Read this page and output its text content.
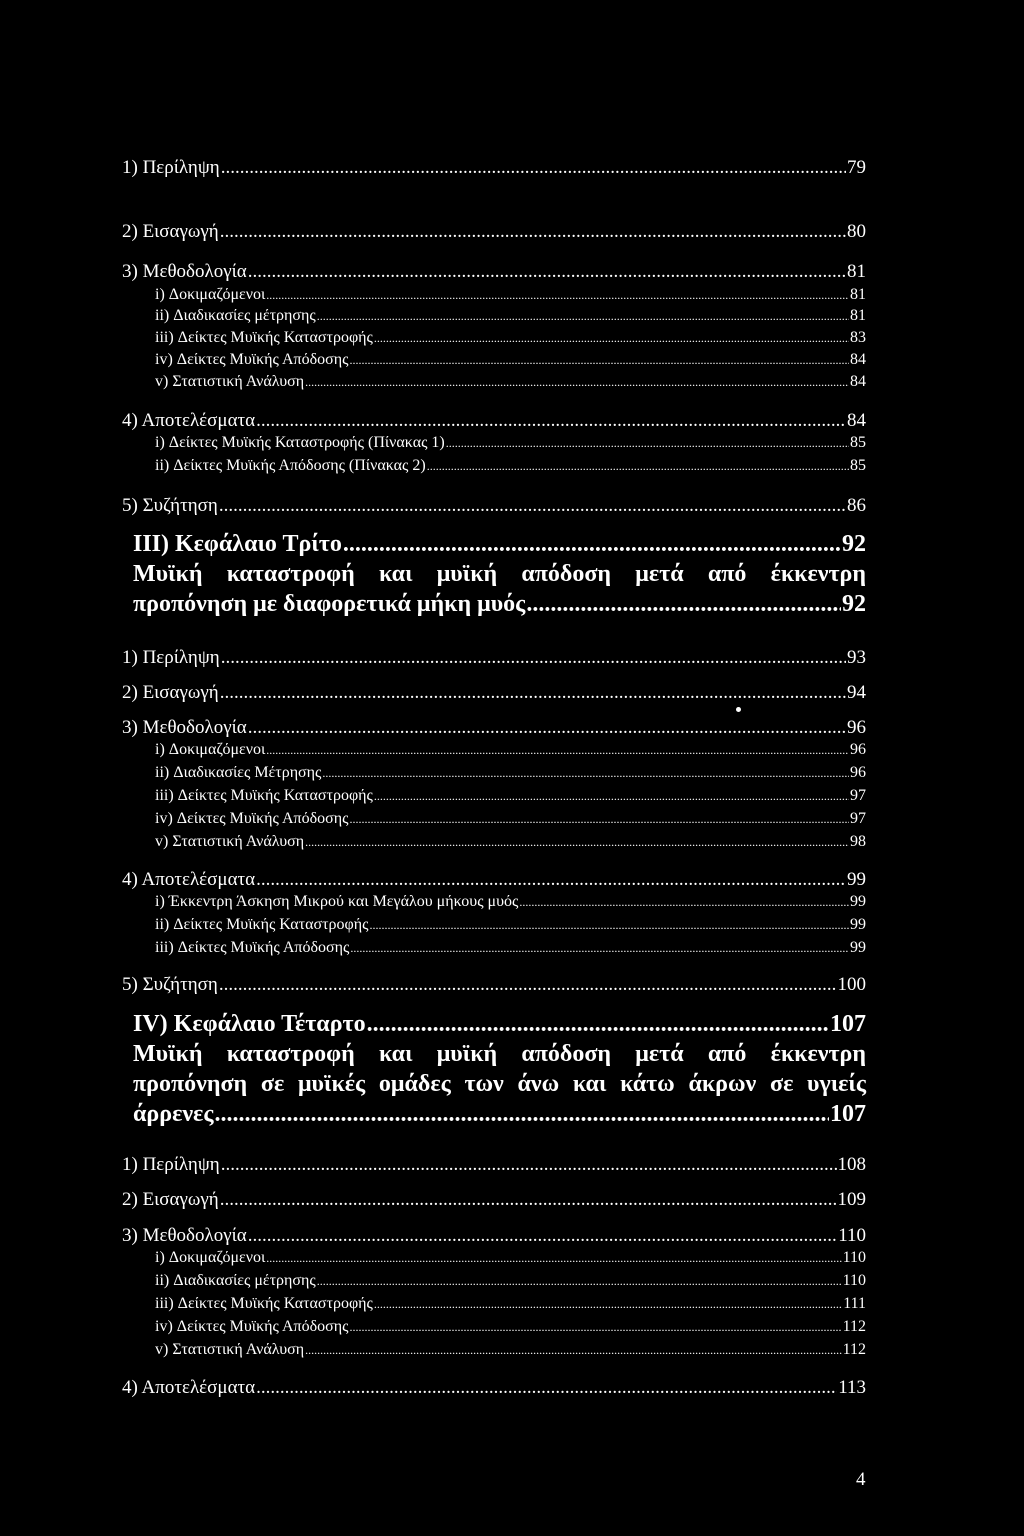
1) Περίληψη .....	79
2) Εισαγωγή .....	80
3) Μεθοδολογία .....	81
i) Δοκιμαζόμενοι .....	81
ii) Διαδικασίες μέτρησης .....	81
iii) Δείκτες Μυϊκής Καταστροφής .....	83
iv) Δείκτες Μυϊκής Απόδοσης .....	84
v) Στατιστική Ανάλυση .....	84
4) Αποτελέσματα .....	84
i) Δείκτες Μυϊκής Καταστροφής (Πίνακας 1) .....	85
ii) Δείκτες Μυϊκής Απόδοσης (Πίνακας 2) .....	85
5) Συζήτηση .....	86
ΙΙΙ) Κεφάλαιο Τρίτο .....	92
Μυϊκή καταστροφή και μυϊκή απόδοση μετά από έκκεντρη
προπόνηση με διαφορετικά μήκη μυός .....	92
1) Περίληψη .....	93
2) Εισαγωγή .....	94
3) Μεθοδολογία .....	96
i) Δοκιμαζόμενοι .....	96
ii) Διαδικασίες Μέτρησης .....	96
iii) Δείκτες Μυϊκής Καταστροφής .....	97
iv) Δείκτες Μυϊκής Απόδοσης .....	97
v) Στατιστική Ανάλυση .....	98
4) Αποτελέσματα .....	99
i) Έκκεντρη Άσκηση Μικρού και Μεγάλου μήκους μυός .....	99
ii) Δείκτες Μυϊκής Καταστροφής .....	99
iii) Δείκτες Μυϊκής Απόδοσης .....	99
5) Συζήτηση .....	100
ΙV) Κεφάλαιο Τέταρτο .....	107
Μυϊκή καταστροφή και μυϊκή απόδοση μετά από έκκεντρη
προπόνηση σε μυϊκές ομάδες των άνω και κάτω άκρων σε υγιείς
άρρενες .....	107
1) Περίληψη .....	108
2) Εισαγωγή .....	109
3) Μεθοδολογία .....	110
i) Δοκιμαζόμενοι .....	110
ii) Διαδικασίες μέτρησης .....	110
iii) Δείκτες Μυϊκής Καταστροφής .....	111
iv) Δείκτες Μυϊκής Απόδοσης .....	112
v) Στατιστική Ανάλυση .....	112
4) Αποτελέσματα .....	113
4
